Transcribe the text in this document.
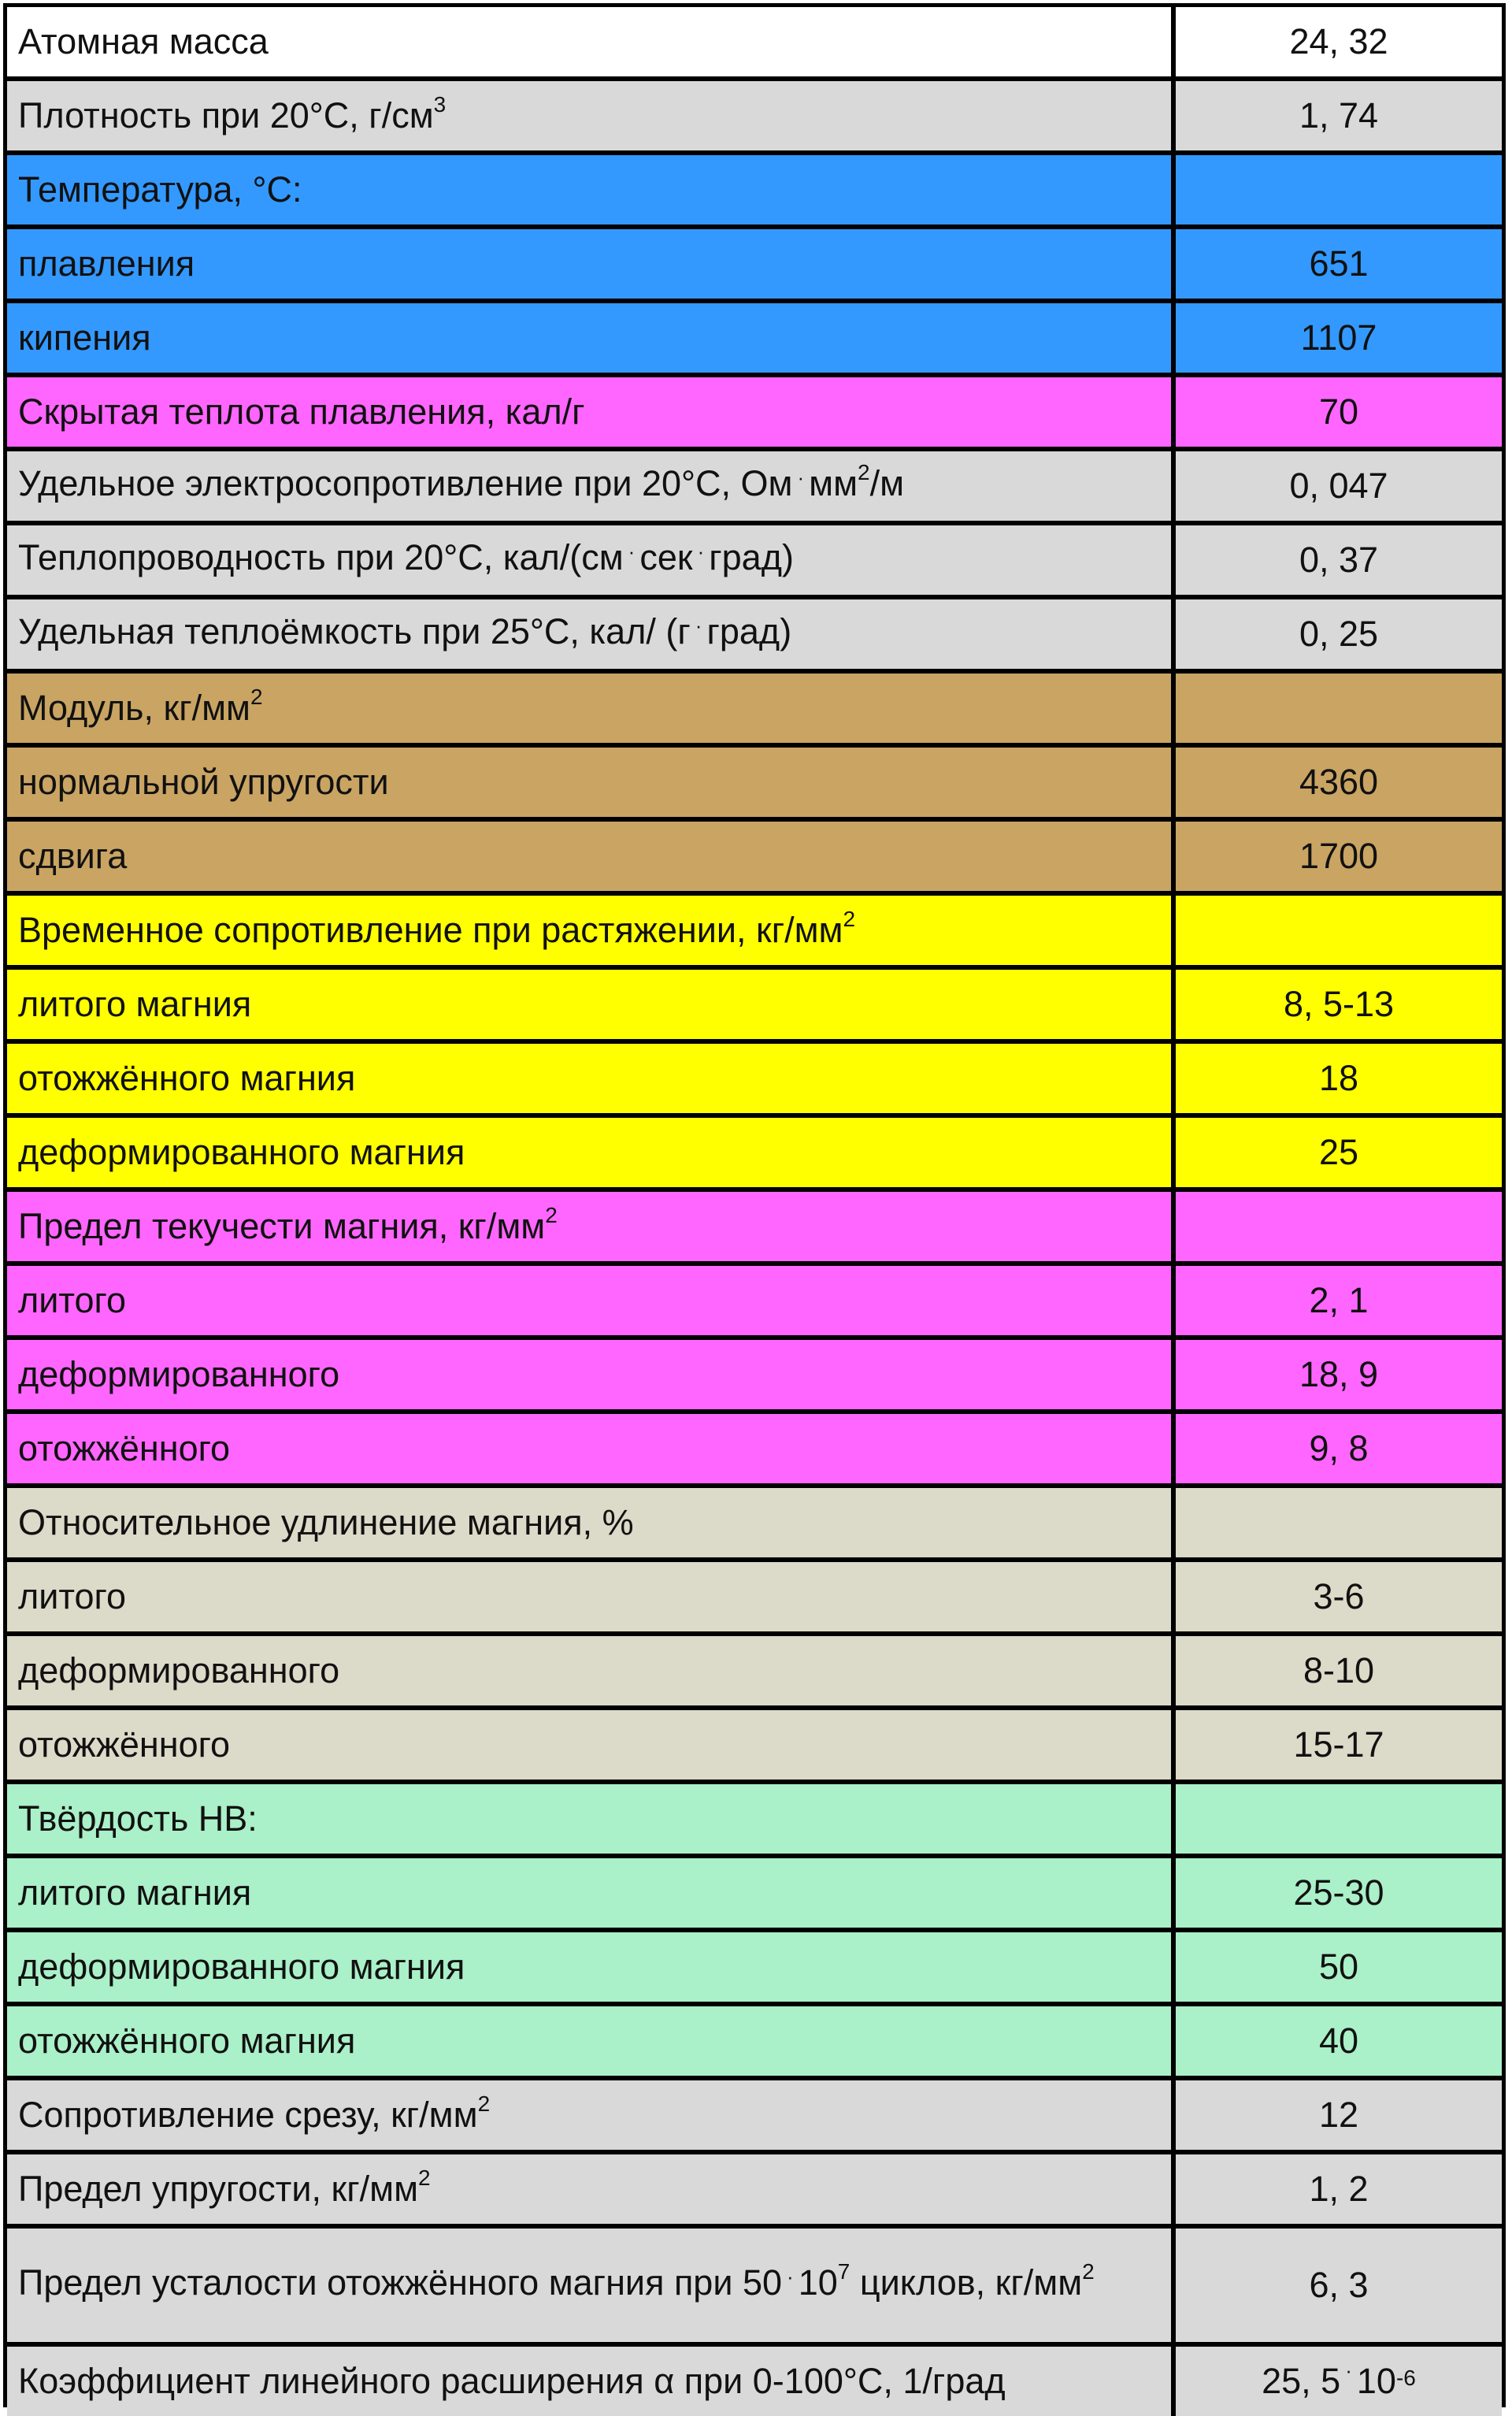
Атомная масса	24, 32
Плотность при 20°С, $г/см^3$	1, 74
Температура, °С:
плавления	651
кипения	1107
Скрытая теплота плавления, кал/г	70
Удельное электросопротивление при 20°С, Ом · $мм^2/м$	0, 047
Теплопроводность при 20°С, кал/(см · сек · град)	0, 37
Удельная теплоёмкость при 25°С, кал/ (г · град)	0, 25
Модуль, $кг/мм^2$
нормальной упругости	4360
сдвига	1700
Временное сопротивление при растяжении, $кг/мм^2$
литого магния	8, 5-13
отожжённого магния	18
деформированного магния	25
Предел текучести магния, $кг/мм^2$
литого	2, 1
деформированного	18, 9
отожжённого	9, 8
Относительное удлинение магния, %
литого	3-6
деформированного	8-10
отожжённого	15-17
Твёрдость НВ:
литого магния	25-30
деформированного магния	50
отожжённого магния	40
Сопротивление срезу, $кг/мм^2$	12
Предел упругости, $кг/мм^2$	1, 2
Предел усталости отожжённого магния при 50 · $10^7$ циклов, $кг/мм^2$	6, 3
Коэффициент линейного расширения α при 0-100°С, 1/град	25, $5 \cdot 10^{-6}$
